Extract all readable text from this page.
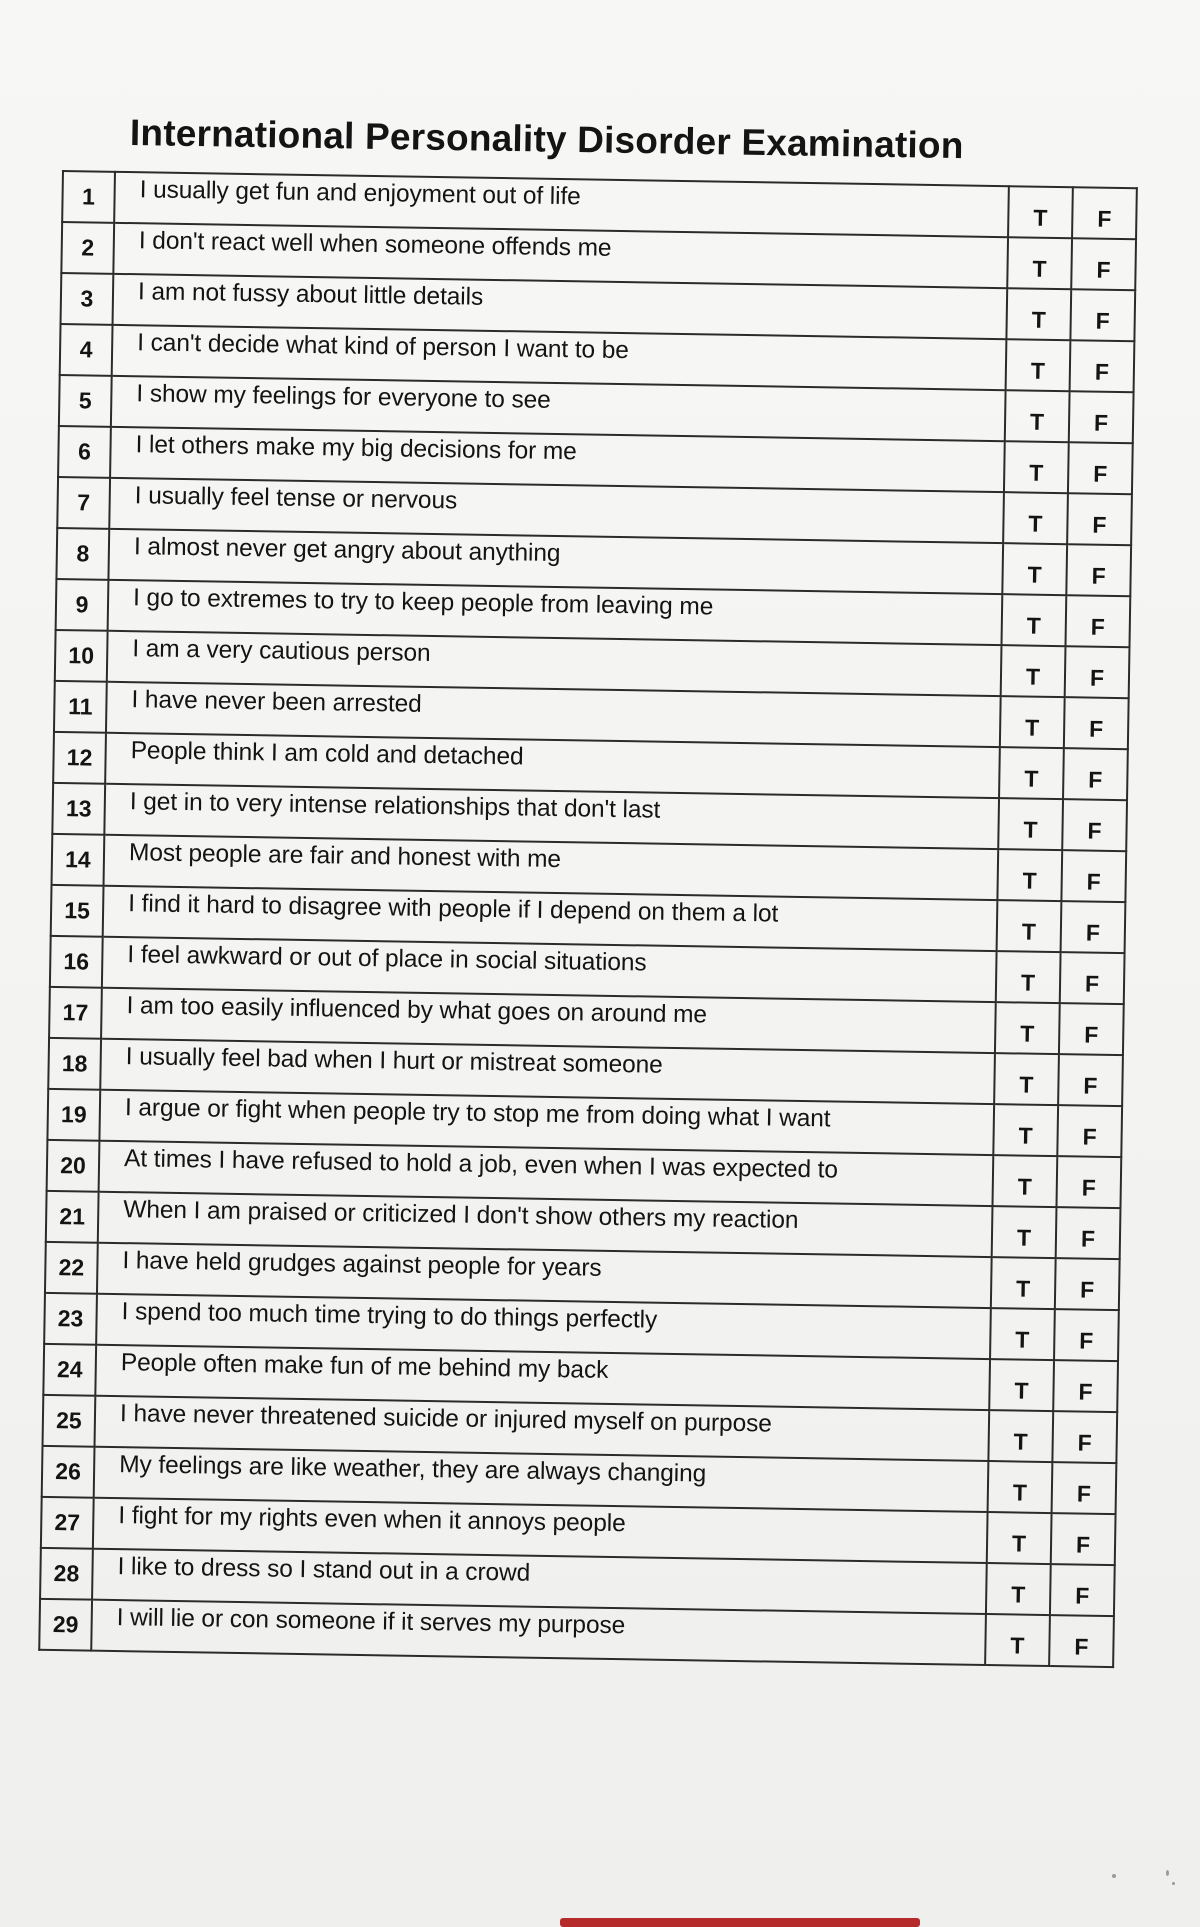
International Personality Disorder Examination
1	I usually get fun and enjoyment out of life	T	F
2	I don't react well when someone offends me	T	F
3	I am not fussy about little details	T	F
4	I can't decide what kind of person I want to be	T	F
5	I show my feelings for everyone to see	T	F
6	I let others make my big decisions for me	T	F
7	I usually feel tense or nervous	T	F
8	I almost never get angry about anything	T	F
9	I go to extremes to try to keep people from leaving me	T	F
10	I am a very cautious person	T	F
11	I have never been arrested	T	F
12	People think I am cold and detached	T	F
13	I get in to very intense relationships that don't last	T	F
14	Most people are fair and honest with me	T	F
15	I find it hard to disagree with people if I depend on them a lot	T	F
16	I feel awkward or out of place in social situations	T	F
17	I am too easily influenced by what goes on around me	T	F
18	I usually feel bad when I hurt or mistreat someone	T	F
19	I argue or fight when people try to stop me from doing what I want	T	F
20	At times I have refused to hold a job, even when I was expected to	T	F
21	When I am praised or criticized I don't show others my reaction	T	F
22	I have held grudges against people for years	T	F
23	I spend too much time trying to do things perfectly	T	F
24	People often make fun of me behind my back	T	F
25	I have never threatened suicide or injured myself on purpose	T	F
26	My feelings are like weather, they are always changing	T	F
27	I fight for my rights even when it annoys people	T	F
28	I like to dress so I stand out in a crowd	T	F
29	I will lie or con someone if it serves my purpose	T	F
